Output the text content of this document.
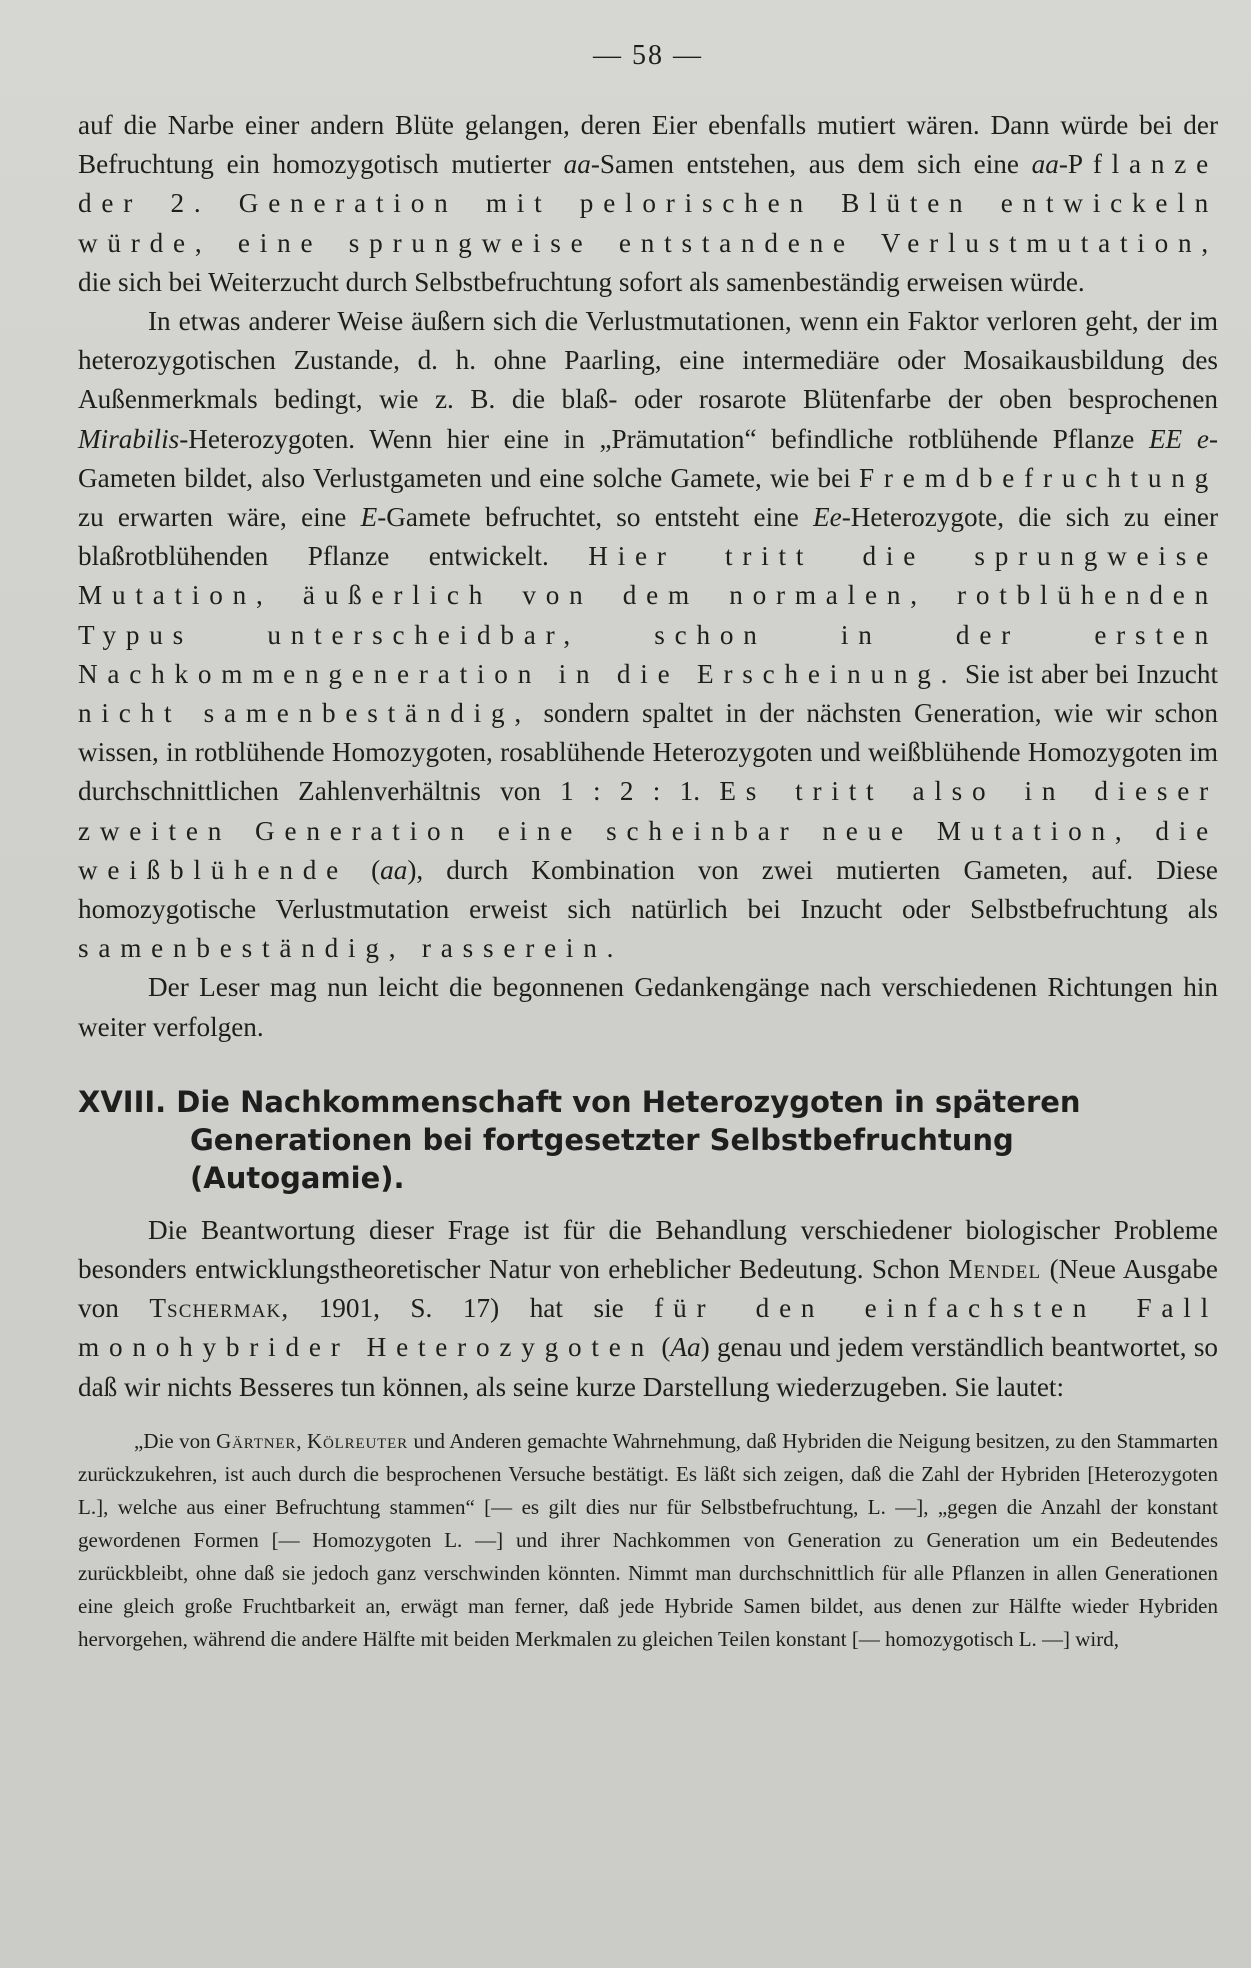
— 58 —

auf die Narbe einer andern Blüte gelangen, deren Eier ebenfalls mutiert wären. Dann würde bei der Befruchtung ein homozygotisch mutierter aa-Samen entstehen, aus dem sich eine aa-Pflanze der 2. Generation mit pelorischen Blüten entwickeln würde, eine sprungweise entstandene Verlustmutation, die sich bei Weiterzucht durch Selbstbefruchtung sofort als samenbeständig erweisen würde.

In etwas anderer Weise äußern sich die Verlustmutationen, wenn ein Faktor verloren geht, der im heterozygotischen Zustande, d. h. ohne Paarling, eine intermediäre oder Mosaikausbildung des Außenmerkmals bedingt, wie z. B. die blaß- oder rosarote Blütenfarbe der oben besprochenen Mirabilis-Heterozygoten. Wenn hier eine in „Prämutation“ befindliche rotblühende Pflanze EE e-Gameten bildet, also Verlustgameten und eine solche Gamete, wie bei Fremdbefruchtung zu erwarten wäre, eine E-Gamete befruchtet, so entsteht eine Ee-Heterozygote, die sich zu einer blaßrotblühenden Pflanze entwickelt. Hier tritt die sprungweise Mutation, äußerlich von dem normalen, rotblühenden Typus unterscheidbar, schon in der ersten Nachkommengeneration in die Erscheinung. Sie ist aber bei Inzucht nicht samenbeständig, sondern spaltet in der nächsten Generation, wie wir schon wissen, in rotblühende Homozygoten, rosablühende Heterozygoten und weißblühende Homozygoten im durchschnittlichen Zahlenverhältnis von 1 : 2 : 1. Es tritt also in dieser zweiten Generation eine scheinbar neue Mutation, die weißblühende (aa), durch Kombination von zwei mutierten Gameten, auf. Diese homozygotische Verlustmutation erweist sich natürlich bei Inzucht oder Selbstbefruchtung als samenbeständig, rasserein.

Der Leser mag nun leicht die begonnenen Gedankengänge nach verschiedenen Richtungen hin weiter verfolgen.

XVIII. Die Nachkommenschaft von Heterozygoten in späteren Generationen bei fortgesetzter Selbstbefruchtung (Autogamie).

Die Beantwortung dieser Frage ist für die Behandlung verschiedener biologischer Probleme besonders entwicklungstheoretischer Natur von erheblicher Bedeutung. Schon Mendel (Neue Ausgabe von Tschermak, 1901, S. 17) hat sie für den einfachsten Fall monohybrider Heterozygoten (Aa) genau und jedem verständlich beantwortet, so daß wir nichts Besseres tun können, als seine kurze Darstellung wiederzugeben. Sie lautet:

„Die von Gärtner, Kölreuter und Anderen gemachte Wahrnehmung, daß Hybriden die Neigung besitzen, zu den Stammarten zurückzukehren, ist auch durch die besprochenen Versuche bestätigt. Es läßt sich zeigen, daß die Zahl der Hybriden [Heterozygoten L.], welche aus einer Befruchtung stammen“ [— es gilt dies nur für Selbstbefruchtung, L. —], „gegen die Anzahl der konstant gewordenen Formen [— Homozygoten L. —] und ihrer Nachkommen von Generation zu Generation um ein Bedeutendes zurückbleibt, ohne daß sie jedoch ganz verschwinden könnten. Nimmt man durchschnittlich für alle Pflanzen in allen Generationen eine gleich große Fruchtbarkeit an, erwägt man ferner, daß jede Hybride Samen bildet, aus denen zur Hälfte wieder Hybriden hervorgehen, während die andere Hälfte mit beiden Merkmalen zu gleichen Teilen konstant [— homozygotisch L. —] wird,
